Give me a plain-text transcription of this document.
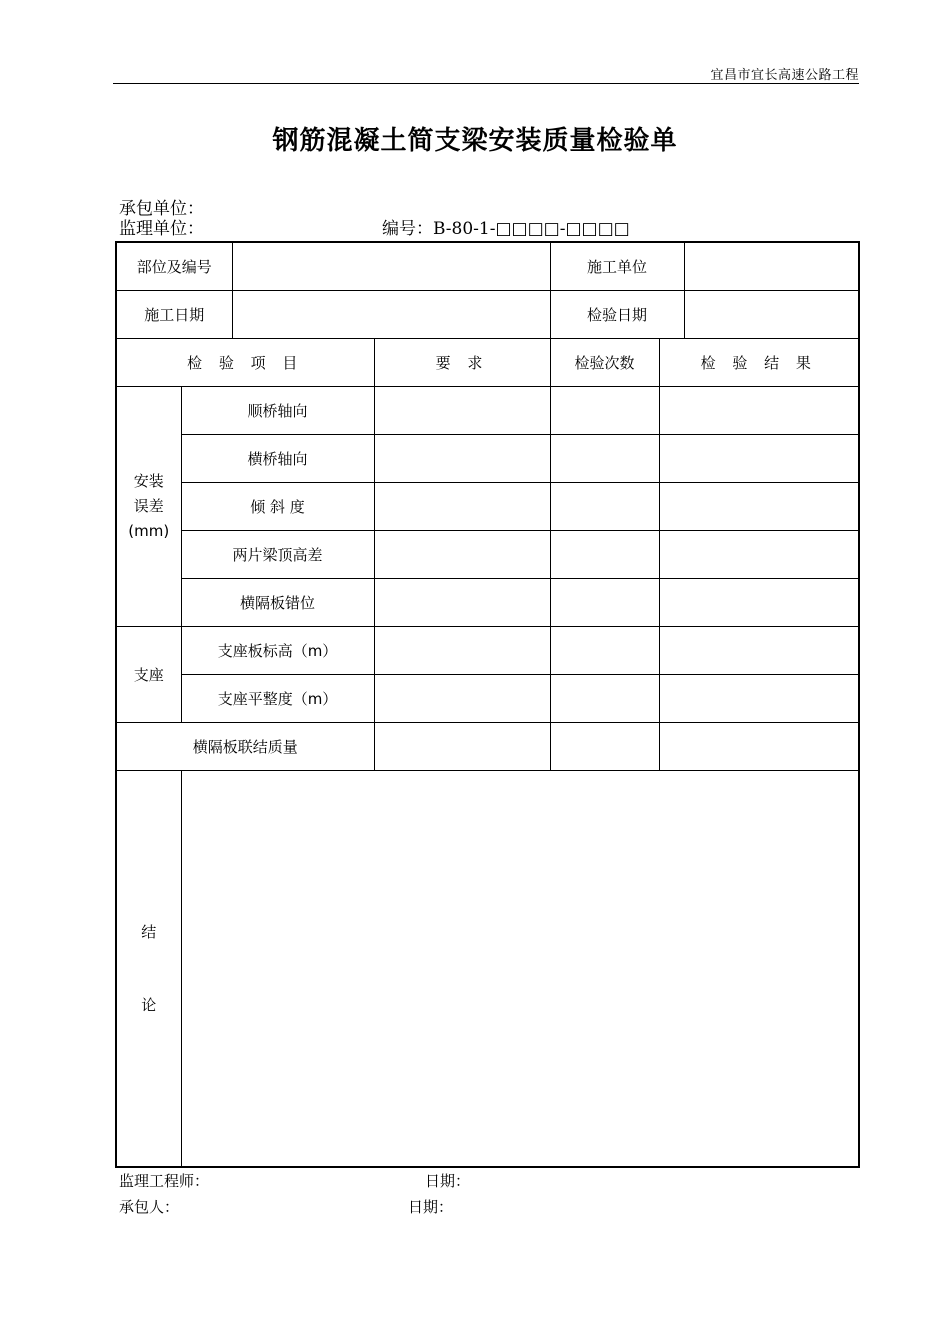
宜昌市宜长高速公路工程
钢筋混凝土简支梁安装质量检验单
承包单位：
监理单位：	编号：B-80-1-□□□□-□□□□
部位及编号				施工单位		
施工日期				检验日期		
检 验 项 目			要 求	检验次数	检 验 结 果	

安装
误差
(mm)	顺桥轴向					
	横桥轴向					
	倾 斜 度					
	两片梁顶高差					
	横隔板错位					
支座	支座板标高（m）					
	支座平整度（m）					
横隔板联结质量						

结
论						

监理工程师：	日期：
承包人：	日期：
